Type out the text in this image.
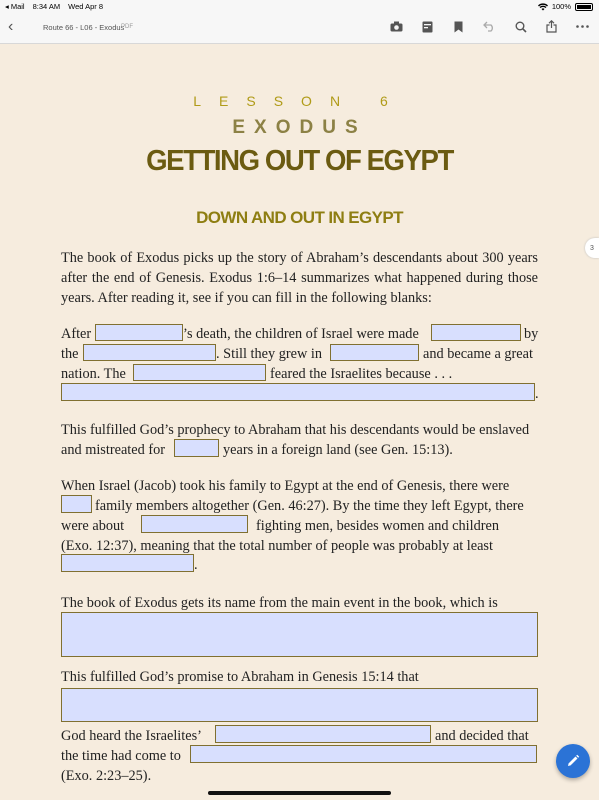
◂ Mail 8:34 AM Wed Apr 8	100%
‹	Route 66 - L06 - Exodus
PDF
LESSON 6
EXODUS
GETTING OUT OF EGYPT
DOWN AND OUT IN EGYPT
The book of Exodus picks up the story of Abraham’s descendants about 300 years after the end of Genesis. Exodus 1:6–14 summarizes what happened during those years. After reading it, see if you can fill in the following blanks:
After	’s death, the children of Israel were made	by
the	. Still they grew in	and became a great
nation. The	feared the Israelites because . . .
.
This fulfilled God’s prophecy to Abraham that his descendants would be enslaved
and mistreated for	years in a foreign land (see Gen. 15:13).
When Israel (Jacob) took his family to Egypt at the end of Genesis, there were
family members altogether (Gen. 46:27). By the time they left Egypt, there
were about	fighting men, besides women and children
(Exo. 12:37), meaning that the total number of people was probably at least
.
The book of Exodus gets its name from the main event in the book, which is
This fulfilled God’s promise to Abraham in Genesis 15:14 that
God heard the Israelites’	and decided that
the time had come to
(Exo. 2:23–25).
3
